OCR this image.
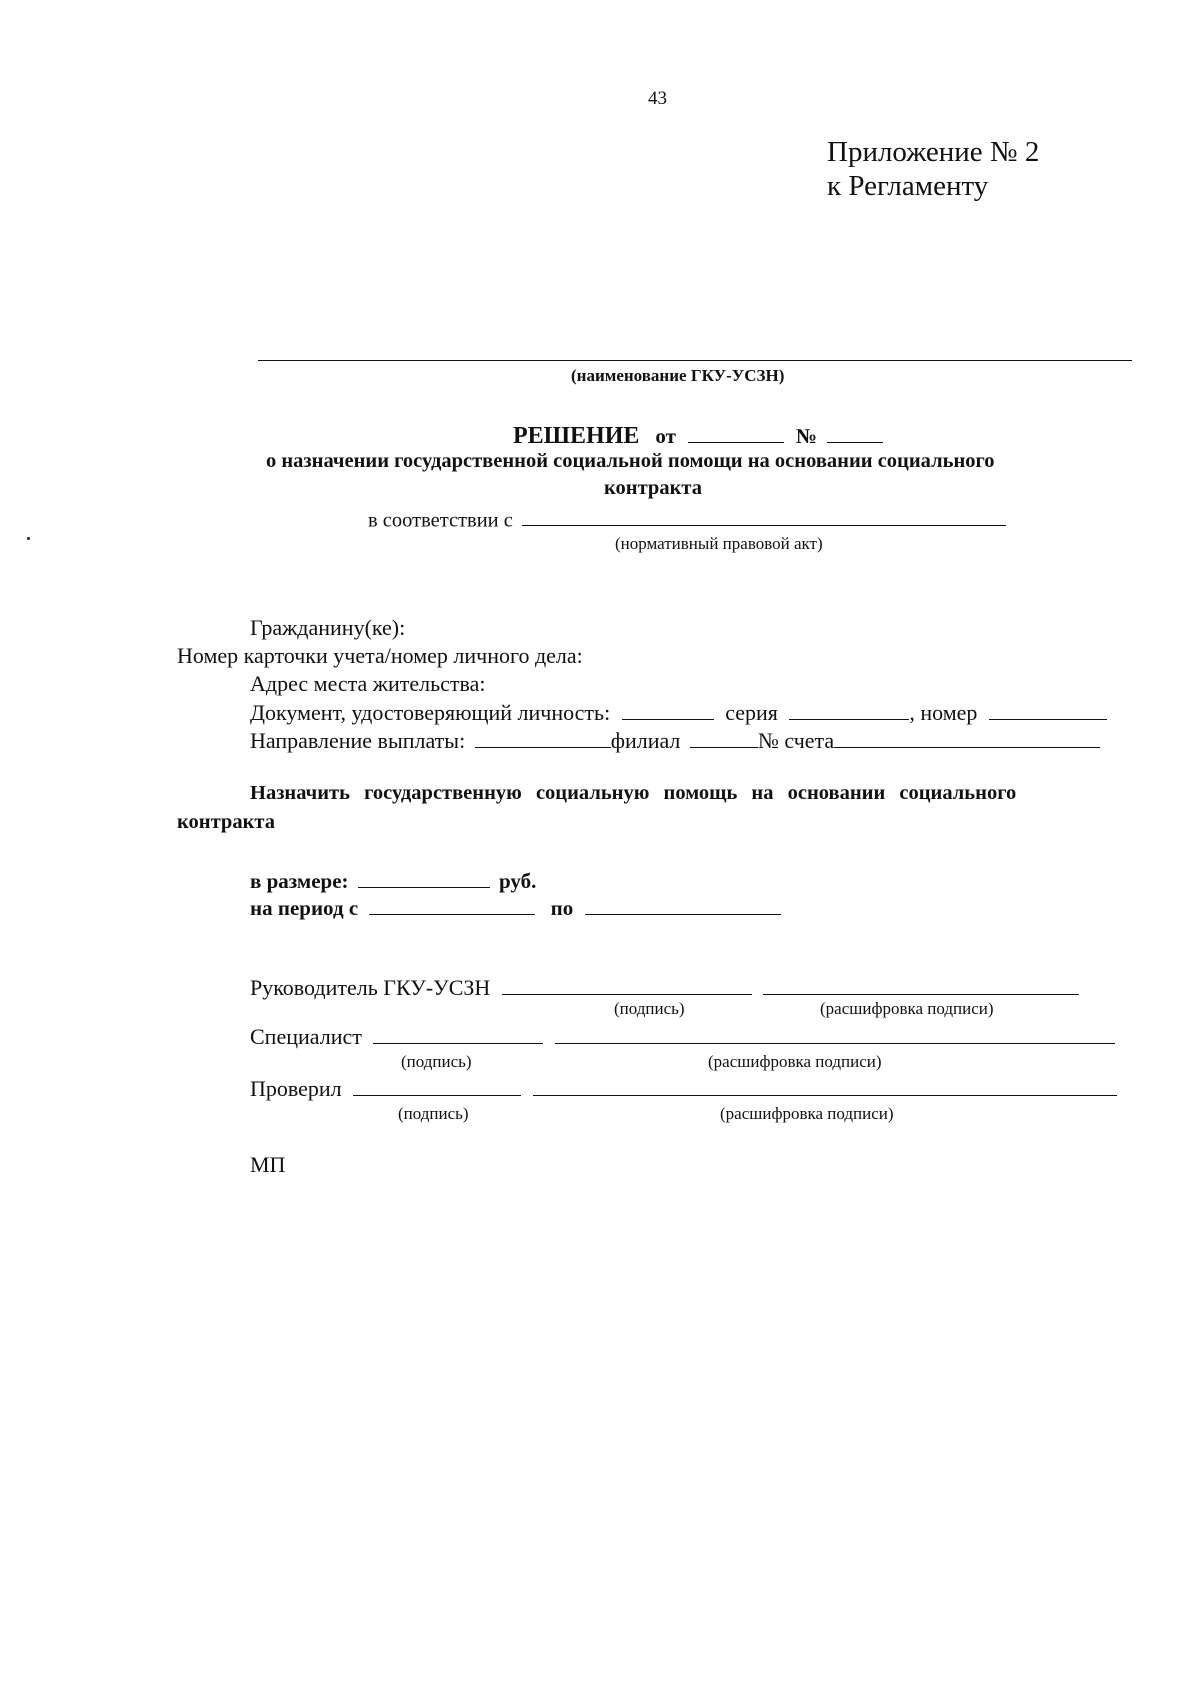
43
Приложение № 2
к Регламенту
(наименование ГКУ-УСЗН)
РЕШЕНИЕ от	№
о назначении государственной социальной помощи на основании социального
контракта
в соответствии с
(нормативный правовой акт)
Гражданину(ке):
Номер карточки учета/номер личного дела:
Адрес места жительства:
Документ, удостоверяющий личность:	серия	, номер
Направление выплаты:	филиал	№ счета
Назначить государственную социальную помощь на основании социального
контракта
в размере:	руб.
на период с	по
Руководитель ГКУ-УСЗН
(подпись)	(расшифровка подписи)
Специалист
(подпись)	(расшифровка подписи)
Проверил
(подпись)	(расшифровка подписи)
МП
